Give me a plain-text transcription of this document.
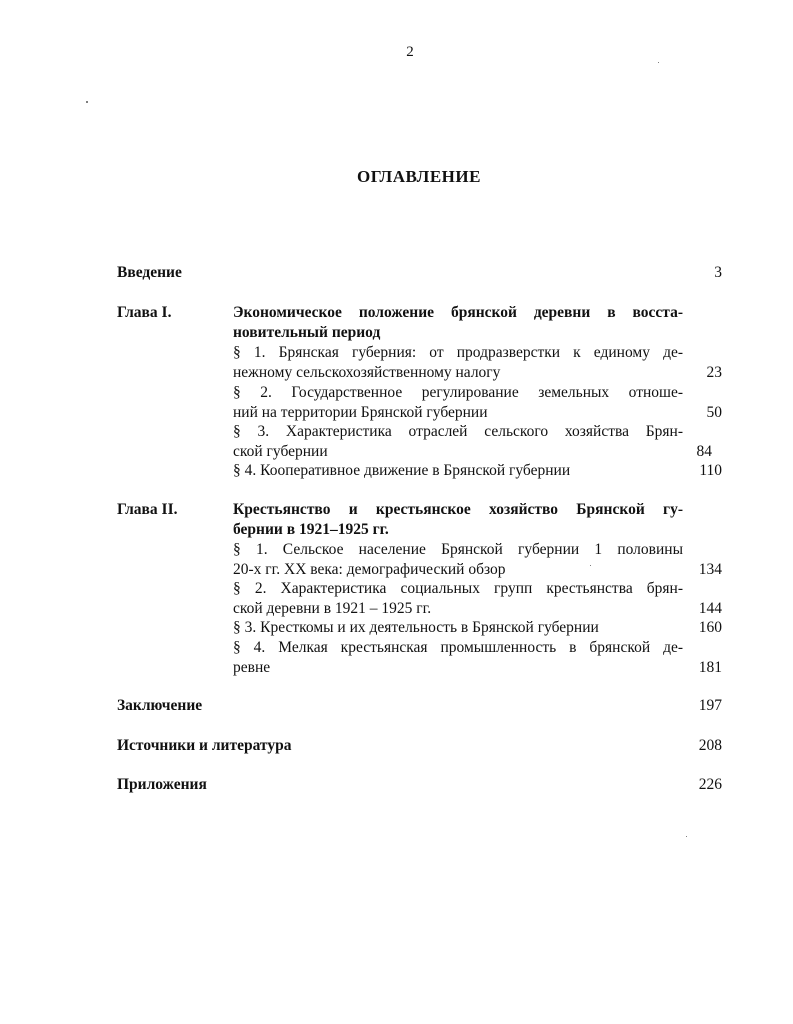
2
ОГЛАВЛЕНИЕ
Введение	3
Глава I.	Экономическое положение брянской деревни в восста-
новительный период
§ 1. Брянская губерния: от продразверстки к единому де-
нежному сельскохозяйственному налогу	23
§ 2. Государственное регулирование земельных отноше-
ний на территории Брянской губернии	50
§ 3. Характеристика отраслей сельского хозяйства Брян-
ской губернии	84
§ 4. Кооперативное движение в Брянской губернии	110
Глава II.	Крестьянство и крестьянское хозяйство Брянской гу-
бернии в 1921–1925 гг.
§ 1. Сельское население Брянской губернии 1 половины
20-х гг. XX века: демографический обзор	134
§ 2. Характеристика социальных групп крестьянства брян-
ской деревни в 1921 – 1925 гг.	144
§ 3. Кресткомы и их деятельность в Брянской губернии	160
§ 4. Мелкая крестьянская промышленность в брянской де-
ревне	181
Заключение	197
Источники и литература	208
Приложения	226
